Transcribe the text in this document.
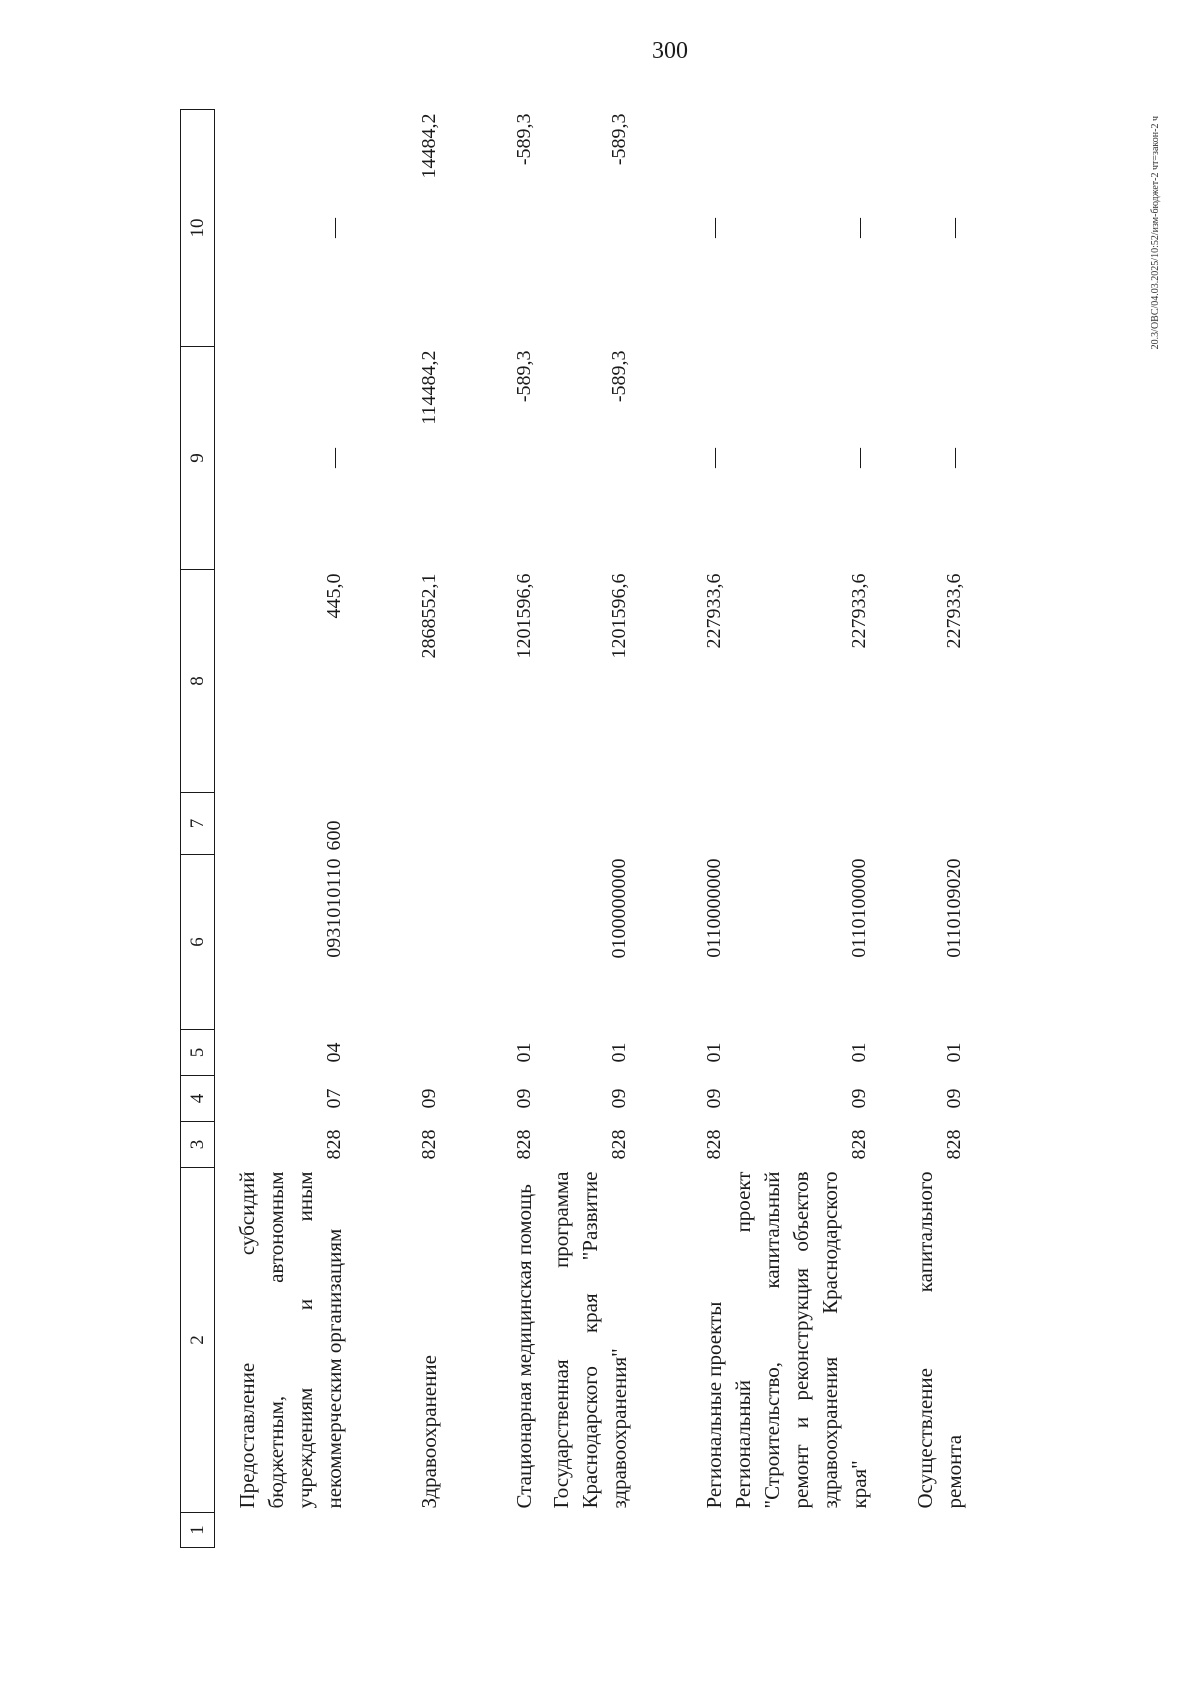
300
20.3/OBC/04.03.2025/10:52/изм-бюджет-2 чт=закон-2 ч
1	2	3	4	5	6	7	8	9	10
	Предоставление субсидий бюджетным, автономным учреждениям и иным некоммерческим организациям	828	07	04	0931010110	600	445,0	—	—
	Здравоохранение	828	09				2868552,1	114484,2	14484,2
	Стационарная медицинская помощь	828	09	01			1201596,6	-589,3	-589,3
	Государственная программа Краснодарского края "Развитие здравоохранения"	828	09	01	0100000000		1201596,6	-589,3	-589,3
	Региональные проекты	828	09	01	0110000000		227933,6	—	—
	Региональный проект "Строительство, капитальный ремонт и реконструкция объектов здравоохранения Краснодарского края"	828	09	01	0110100000		227933,6	—	—
	Осуществление капитального ремонта	828	09	01	0110109020		227933,6	—	—
